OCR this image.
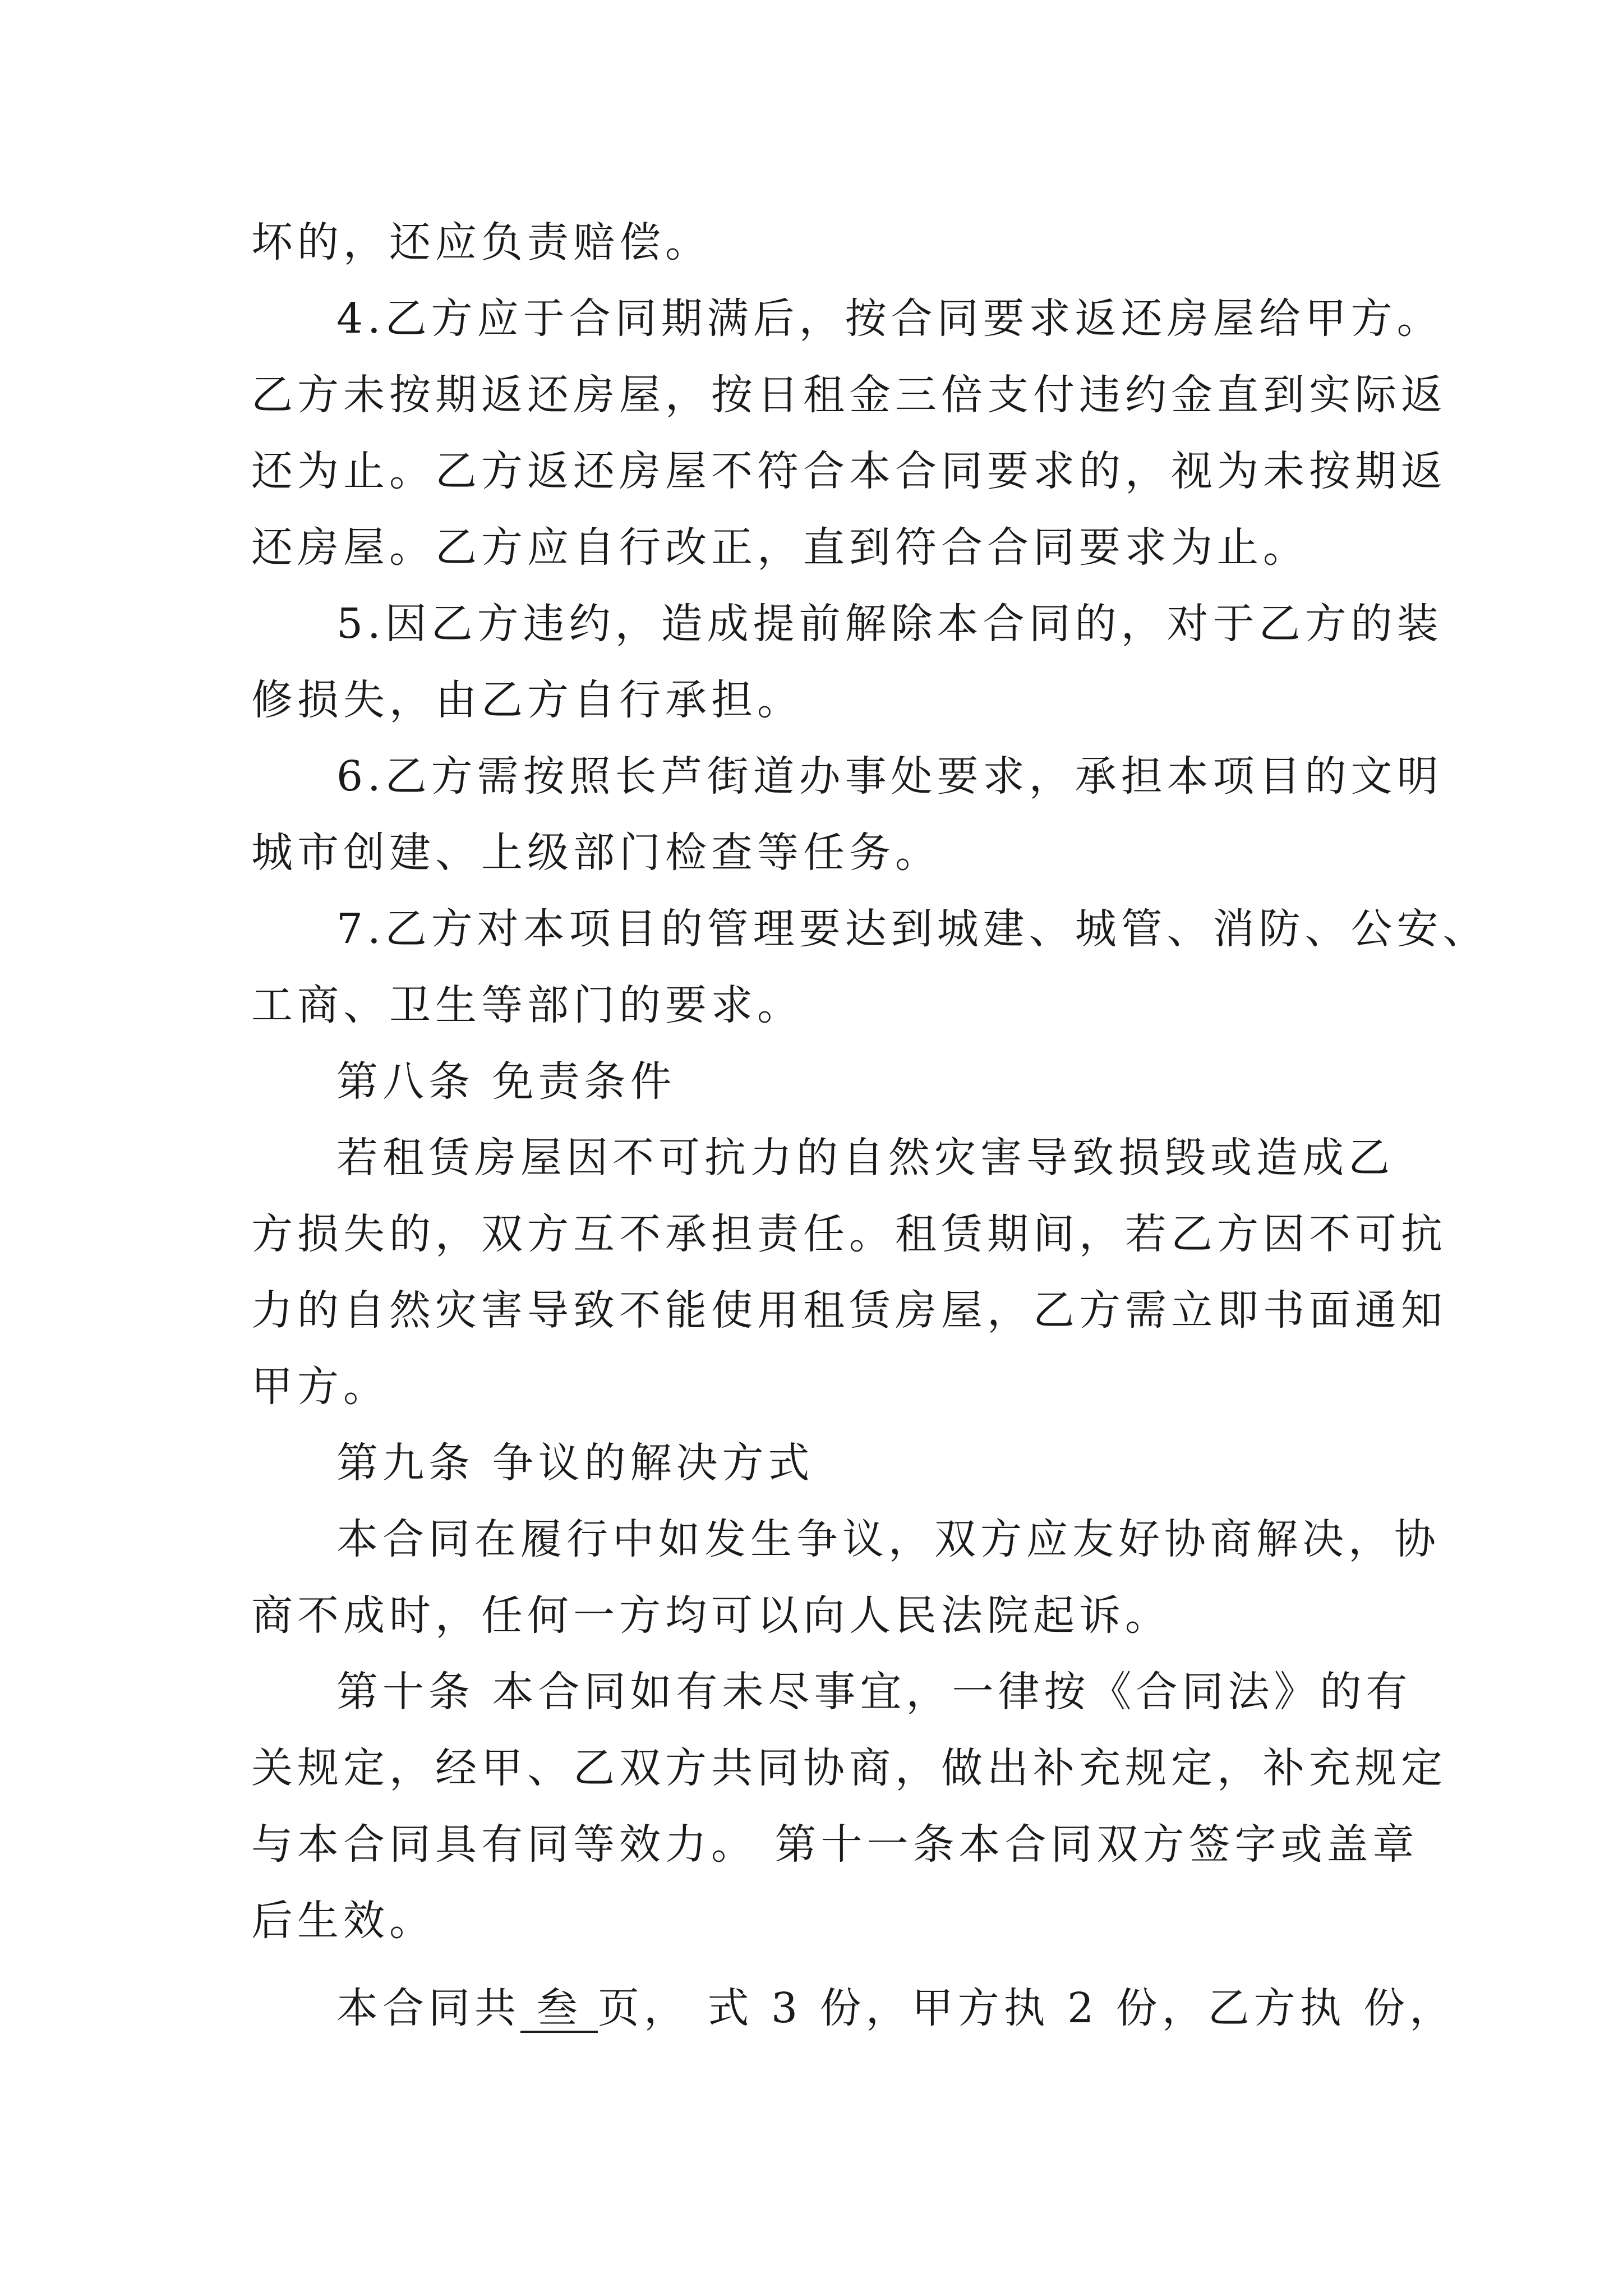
坏的，还应负责赔偿。
4.乙方应于合同期满后，按合同要求返还房屋给甲方。
乙方未按期返还房屋，按日租金三倍支付违约金直到实际返
还为止。乙方返还房屋不符合本合同要求的，视为未按期返
还房屋。乙方应自行改正，直到符合合同要求为止。
5.因乙方违约，造成提前解除本合同的，对于乙方的装
修损失，由乙方自行承担。
6.乙方需按照长芦街道办事处要求，承担本项目的文明
城市创建、上级部门检查等任务。
7.乙方对本项目的管理要达到城建、城管、消防、公安、
工商、卫生等部门的要求。
第八条 免责条件
若租赁房屋因不可抗力的自然灾害导致损毁或造成乙
方损失的，双方互不承担责任。租赁期间，若乙方因不可抗
力的自然灾害导致不能使用租赁房屋，乙方需立即书面通知
甲方。
第九条 争议的解决方式
本合同在履行中如发生争议，双方应友好协商解决，协
商不成时，任何一方均可以向人民法院起诉。
第十条 本合同如有未尽事宜，一律按《合同法》的有
关规定，经甲、乙双方共同协商，做出补充规定，补充规定
与本合同具有同等效力。 第十一条本合同双方签字或盖章
后生效。
本合同共 叁 页， 式 3 份，甲方执 2 份，乙方执 份，
